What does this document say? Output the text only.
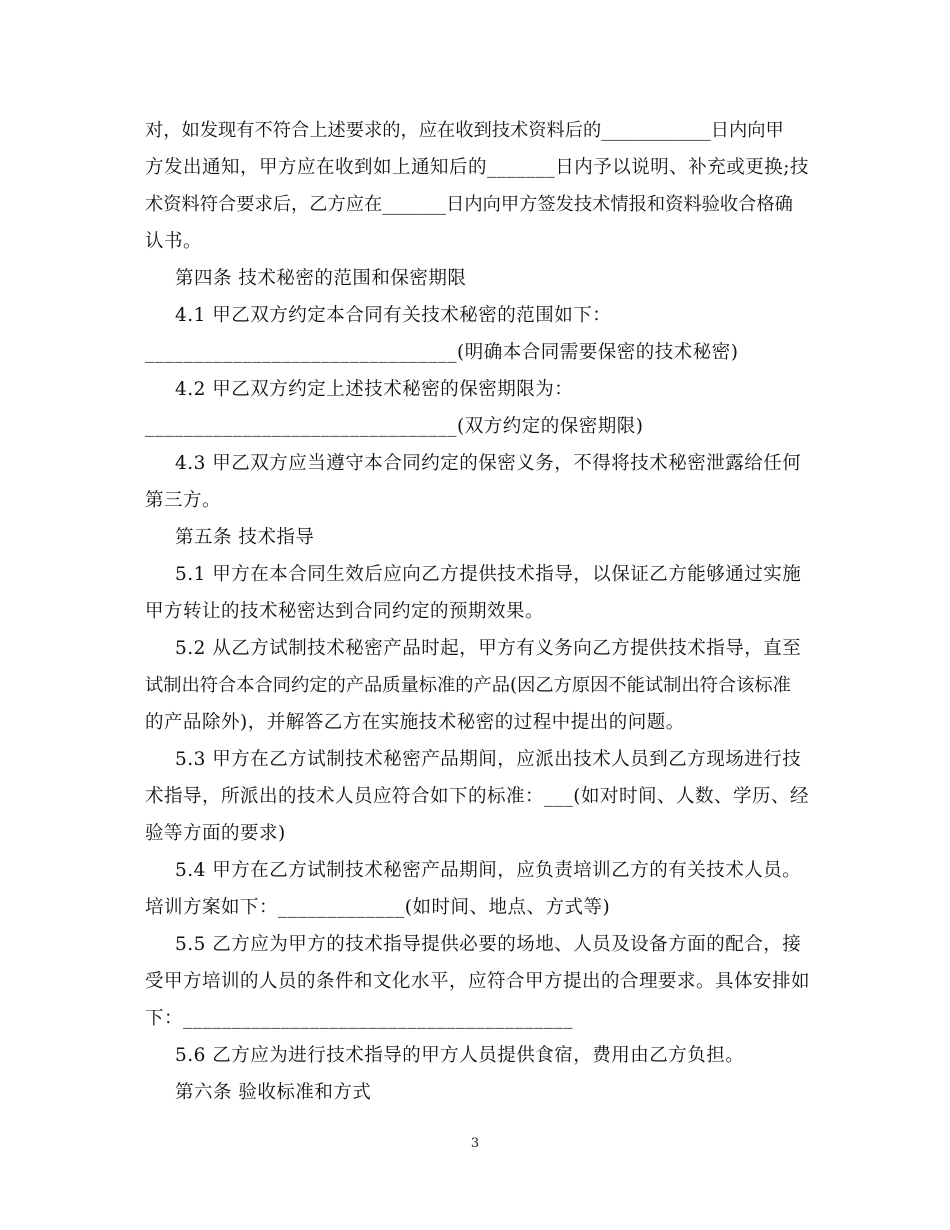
对，如发现有不符合上述要求的，应在收到技术资料后的____________日内向甲
方发出通知，甲方应在收到如上通知后的_______日内予以说明、补充或更换;技
术资料符合要求后，乙方应在_______日内向甲方签发技术情报和资料验收合格确
认书。
第四条 技术秘密的范围和保密期限
4.1 甲乙双方约定本合同有关技术秘密的范围如下：
________________________________(明确本合同需要保密的技术秘密)
4.2 甲乙双方约定上述技术秘密的保密期限为：
________________________________(双方约定的保密期限)
4.3 甲乙双方应当遵守本合同约定的保密义务，不得将技术秘密泄露给任何
第三方。
第五条 技术指导
5.1 甲方在本合同生效后应向乙方提供技术指导，以保证乙方能够通过实施
甲方转让的技术秘密达到合同约定的预期效果。
5.2 从乙方试制技术秘密产品时起，甲方有义务向乙方提供技术指导，直至
试制出符合本合同约定的产品质量标准的产品(因乙方原因不能试制出符合该标准
的产品除外)，并解答乙方在实施技术秘密的过程中提出的问题。
5.3 甲方在乙方试制技术秘密产品期间，应派出技术人员到乙方现场进行技
术指导，所派出的技术人员应符合如下的标准：___(如对时间、人数、学历、经
验等方面的要求)
5.4 甲方在乙方试制技术秘密产品期间，应负责培训乙方的有关技术人员。
培训方案如下：_____________(如时间、地点、方式等)
5.5 乙方应为甲方的技术指导提供必要的场地、人员及设备方面的配合，接
受甲方培训的人员的条件和文化水平，应符合甲方提出的合理要求。具体安排如
下：________________________________________
5.6 乙方应为进行技术指导的甲方人员提供食宿，费用由乙方负担。
第六条 验收标准和方式
3
